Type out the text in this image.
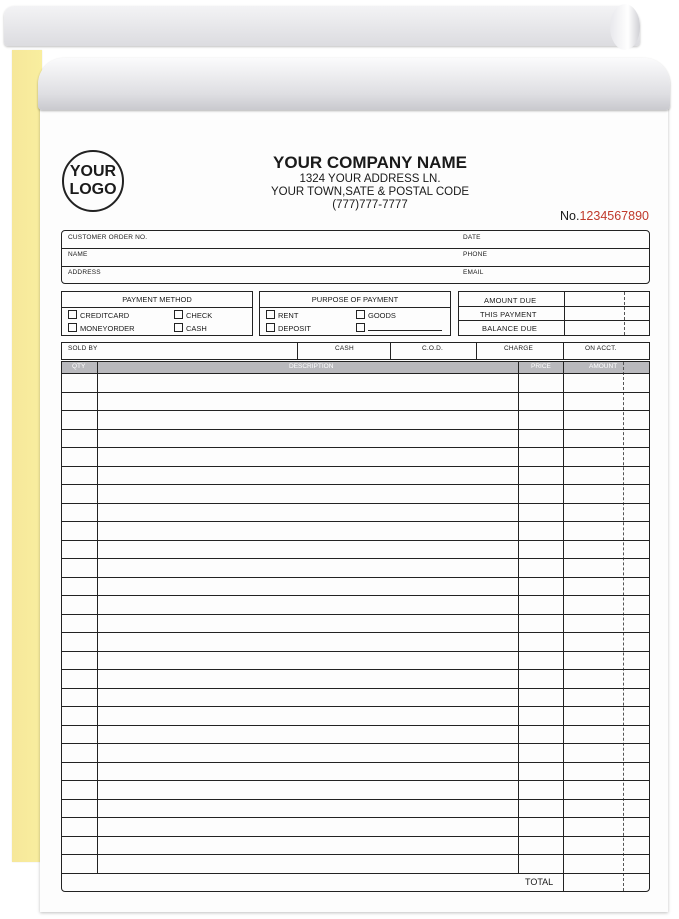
YOUR
LOGO
YOUR COMPANY NAME
1324 YOUR ADDRESS LN.
YOUR TOWN,SATE & POSTAL CODE
(777)777-7777
No.1234567890
CUSTOMER ORDER NO.	DATE
NAME	PHONE
ADDRESS	EMAIL
PAYMENT METHOD
CREDITCARD	CHECK
MONEYORDER	CASH
PURPOSE OF PAYMENT
RENT	GOODS
DEPOSIT
AMOUNT DUE
THIS PAYMENT
BALANCE DUE
SOLD BY	CASH	C.O.D.	CHARGE	ON ACCT.
QTY	DESCRIPTION	PRICE	AMOUNT
TOTAL
